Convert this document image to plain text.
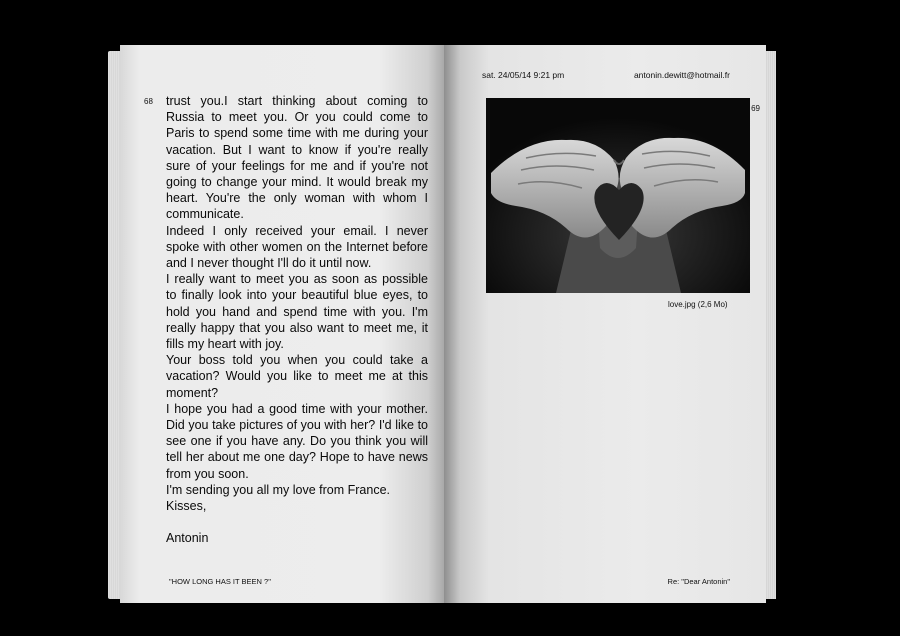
68 trust you.I start thinking about coming to Russia to meet you. Or you could come to Paris to spend some time with me during your vacation. But I want to know if you're really sure of your feelings for me and if you're not going to change your mind. It would break my heart. You're the only woman with whom I communicate.

Indeed I only received your email. I never spoke with other women on the Internet before and I never thought I'll do it until now.

I really want to meet you as soon as possible to finally look into your beautiful blue eyes, to hold you hand and spend time with you. I'm really happy that you also want to meet me, it fills my heart with joy.

Your boss told you when you could take a vacation? Would you like to meet me at this moment?

I hope you had a good time with your mother. Did you take pictures of you with her? I'd like to see one if you have any. Do you think you will tell her about me one day? Hope to have news from you soon.

I'm sending you all my love from France.

Kisses,

Antonin

"HOW LONG HAS IT BEEN ?"
sat. 24/05/14 9:21 pm	antonin.dewitt@hotmail.fr
69
love.jpg (2,6 Mo)
Re: "Dear Antonin"
